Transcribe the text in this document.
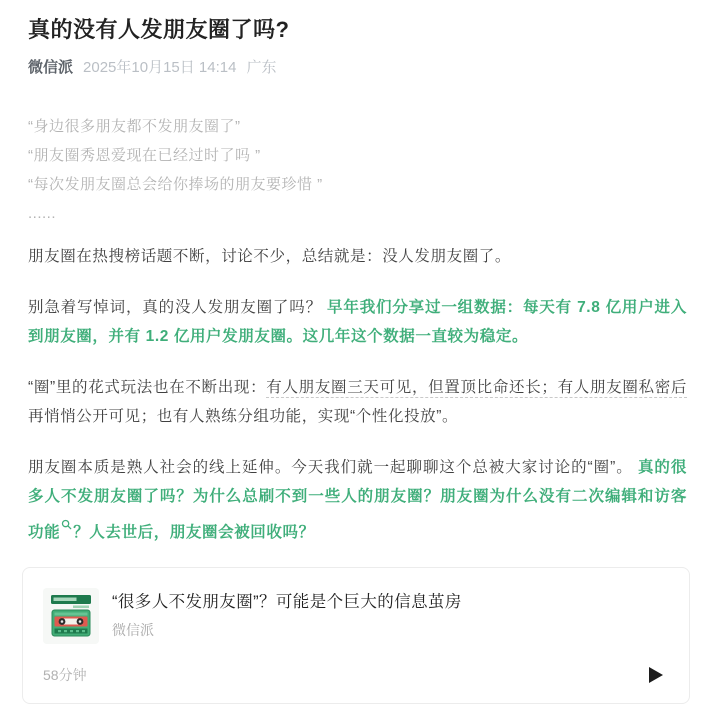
真的没有人发朋友圈了吗?
微信派 2025年10月15日 14:14 广东
“身边很多朋友都不发朋友圈了”
“朋友圈秀恩爱现在已经过时了吗 ”
“每次发朋友圈总会给你捧场的朋友要珍惜 ”
......

朋友圈在热搜榜话题不断，讨论不少，总结就是：没人发朋友圈了。

别急着写悼词，真的没人发朋友圈了吗？ 早年我们分享过一组数据：每天有 7.8 亿用户进入到朋友圈，并有 1.2 亿用户发朋友圈。这几年这个数据一直较为稳定。

“圈”里的花式玩法也在不断出现：有人朋友圈三天可见，但置顶比命还长；有人朋友圈私密后再悄悄公开可见；也有人熟练分组功能，实现“个性化投放”。

朋友圈本质是熟人社会的线上延伸。今天我们就一起聊聊这个总被大家讨论的“圈”。 真的很多人不发朋友圈了吗？为什么总刷不到一些人的朋友圈？朋友圈为什么没有二次编辑和访客功能 ？人去世后，朋友圈会被回收吗？

“很多人不发朋友圈”？可能是个巨大的信息茧房
微信派
58分钟
